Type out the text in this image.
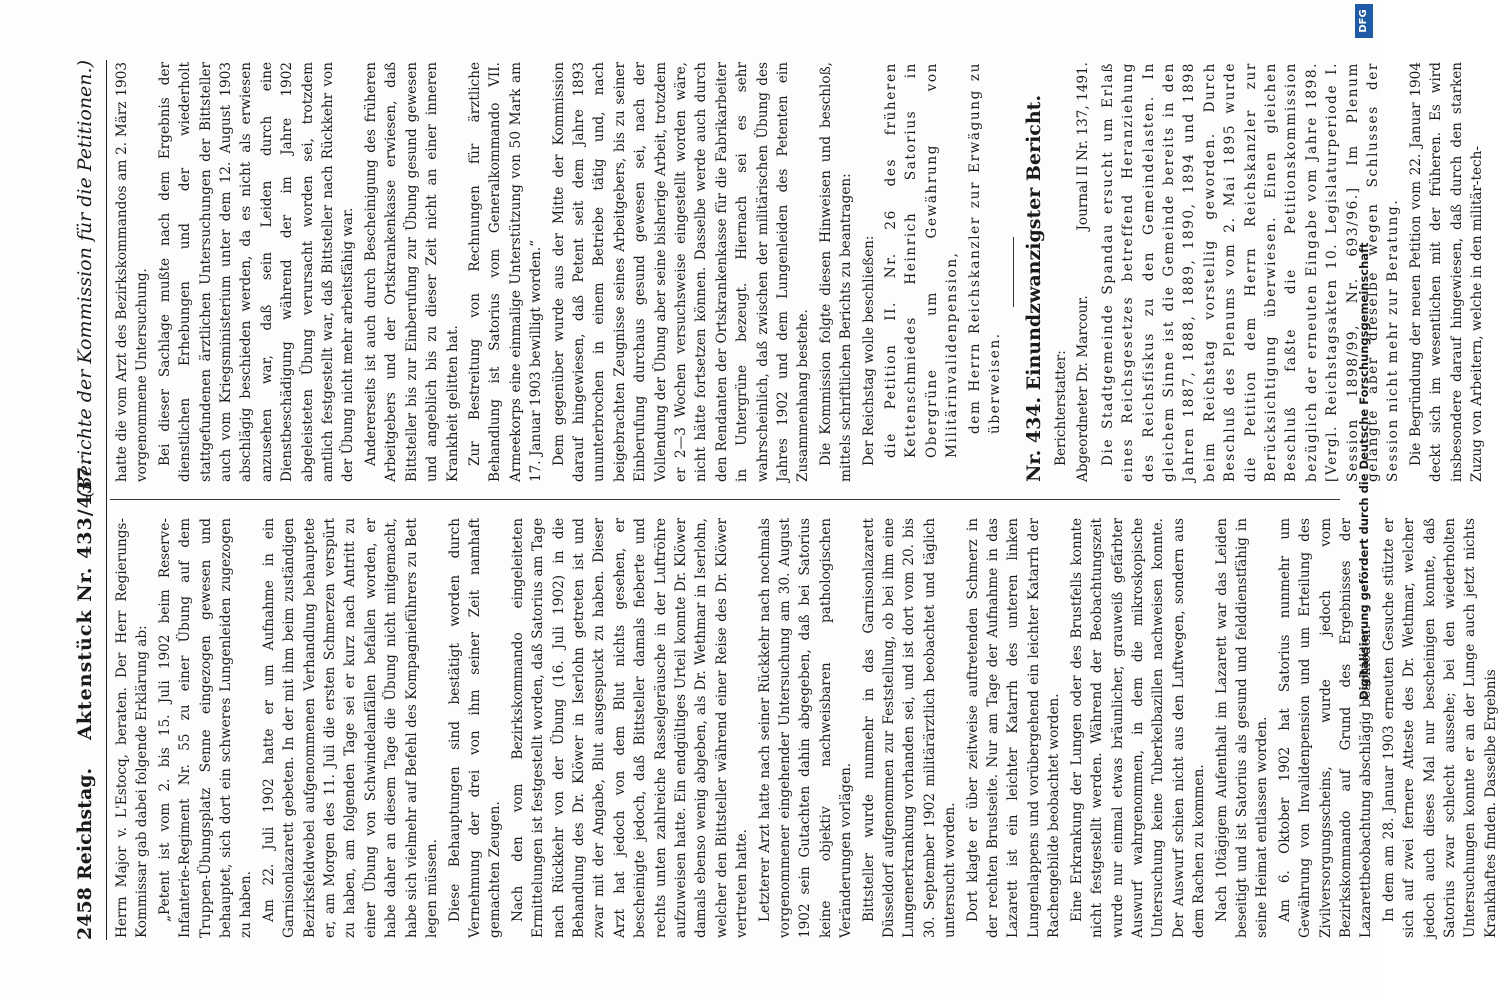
2458
Reichstag.
Aktenstück Nr. 433/437.
(Berichte der Kommission für die Petitionen.)

Herrn Major v. L'Estocq, beraten. Der Herr Regierungs-Kommissar gab dabei folgende Erklärung ab: „Petent ist vom 2. bis 15. Juli 1902 beim Reserve-Infanterie-Regiment Nr. 55 zu einer Übung auf dem Truppen-Übungsplatz Senne eingezogen gewesen und behauptet, sich dort ein schweres Lungenleiden zugezogen zu haben. Am 22. Juli 1902 hatte er um Aufnahme in ein Garnisonlazarett gebeten. In der mit ihm beim zuständigen Bezirksfeldwebel aufgenommenen Verhandlung behauptete er, am Morgen des 11. Juli die ersten Schmerzen verspürt zu haben, am folgenden Tage sei er kurz nach Antritt zu einer Übung von Schwindelanfällen befallen worden, er habe daher an diesem Tage die Übung nicht mitgemacht, habe sich vielmehr auf Befehl des Kompagnieführers zu Bett legen müssen. Diese Behauptungen sind bestätigt worden durch Vernehmung der drei von ihm seiner Zeit namhaft gemachten Zeugen. Nach den vom Bezirkskommando eingeleiteten Ermittelungen ist festgestellt worden, daß Satorius am Tage nach Rückkehr von der Übung (16. Juli 1902) in die Behandlung des Dr. Klöwer in Iserlohn getreten ist und zwar mit der Angabe, Blut ausgespuckt zu haben. Dieser Arzt hat jedoch von dem Blut nichts gesehen, er bescheinigte jedoch, daß Bittsteller damals fieberte und rechts unten zahlreiche Rasselgeräusche in der Luftröhre aufzuweisen hatte. Ein endgültiges Urteil konnte Dr. Klöwer damals ebenso wenig abgeben, als Dr. Wethmar in Iserlohn, welcher den Bittsteller während einer Reise des Dr. Klöwer vertreten hatte. Letzterer Arzt hatte nach seiner Rückkehr nach nochmals vorgenommener eingehender Untersuchung am 30. August 1902 sein Gutachten dahin abgegeben, daß bei Satorius keine objektiv nachweisbaren pathologischen Veränderungen vorlägen. Bittsteller wurde nunmehr in das Garnisonlazarett Düsseldorf aufgenommen zur Feststellung, ob bei ihm eine Lungenerkrankung vorhanden sei, und ist dort vom 20. bis 30. September 1902 militärärztlich beobachtet und täglich untersucht worden. Dort klagte er über zeitweise auftretenden Schmerz in der rechten Brustseite. Nur am Tage der Aufnahme in das Lazarett ist ein leichter Katarrh des unteren linken Lungenlappens und vorübergehend ein leichter Katarrh der Rachengebilde beobachtet worden. Eine Erkrankung der Lungen oder des Brustfells konnte nicht festgestellt werden. Während der Beobachtungszeit wurde nur einmal etwas bräunlicher, grauweiß gefärbter Auswurf wahrgenommen, in dem die mikroskopische Untersuchung keine Tuberkelbazillen nachweisen konnte. Der Auswurf schien nicht aus den Luftwegen, sondern aus dem Rachen zu kommen. Nach 10tägigem Aufenthalt im Lazarett war das Leiden beseitigt und ist Satorius als gesund und felddienstfähig in seine Heimat entlassen worden. Am 6. Oktober 1902 hat Satorius nunmehr um Gewährung von Invalidenpension und um Erteilung des Zivilversorgungsscheins, wurde jedoch vom Bezirkskommando auf Grund des Ergebnisses der Lazarettbeobachtung abschlägig beschieden. In dem am 28. Januar 1903 erneuten Gesuche stützte er sich auf zwei fernere Atteste des Dr. Wethmar, welcher jedoch auch dieses Mal nur bescheinigen konnte, daß Satorius zwar schlecht aussehe; bei den wiederholten Untersuchungen konnte er an der Lunge auch jetzt nichts Krankhaftes finden. Dasselbe Ergebnis

hatte die vom Arzt des Bezirkskommandos am 2. März 1903 vorgenommene Untersuchung. Bei dieser Sachlage mußte nach dem Ergebnis der dienstlichen Erhebungen und der wiederholt stattgefundenen ärztlichen Untersuchungen der Bittsteller auch vom Kriegsministerium unter dem 12. August 1903 abschlägig beschieden werden, da es nicht als erwiesen anzusehen war, daß sein Leiden durch eine Dienstbeschädigung während der im Jahre 1902 abgeleisteten Übung verursacht worden sei, trotzdem amtlich festgestellt war, daß Bittsteller nach Rückkehr von der Übung nicht mehr arbeitsfähig war. Andererseits ist auch durch Bescheinigung des früheren Arbeitgebers und der Ortskrankenkasse erwiesen, daß Bittsteller bis zur Einberufung zur Übung gesund gewesen und angeblich bis zu dieser Zeit nicht an einer inneren Krankheit gelitten hat. Zur Bestreitung von Rechnungen für ärztliche Behandlung ist Satorius vom Generalkommando VII. Armeekorps eine einmalige Unterstützung von 50 Mark am 17. Januar 1903 bewilligt worden.“ Dem gegenüber wurde aus der Mitte der Kommission darauf hingewiesen, daß Petent seit dem Jahre 1893 ununterbrochen in einem Betriebe tätig und, nach beigebrachten Zeugnisse seines Arbeitgebers, bis zu seiner Einberufung durchaus gesund gewesen sei, nach der Vollendung der Übung aber seine bisherige Arbeit, trotzdem er 2—3 Wochen versuchsweise eingestellt worden wäre, nicht hätte fortsetzen können. Dasselbe werde auch durch den Rendanten der Ortskrankenkasse für die Fabrikarbeiter in Untergrüne bezeugt. Hiernach sei es sehr wahrscheinlich, daß zwischen der militärischen Übung des Jahres 1902 und dem Lungenleiden des Petenten ein Zusammenhang bestehe. Die Kommission folgte diesen Hinweisen und beschloß, mittels schriftlichen Berichts zu beantragen: Der Reichstag wolle beschließen: die Petition II. Nr. 26 des früheren Kettenschmiedes Heinrich Satorius in Obergrüne um Gewährung von Militärinvalidenpension, dem Herrn Reichskanzler zur Erwägung zu überweisen. Nr. 434. Einundzwanzigster Bericht. Berichterstatter: Abgeordneter Dr. Marcour.
Journal II Nr. 137, 1491. Die Stadtgemeinde Spandau ersucht um Erlaß eines Reichsgesetzes betreffend Heranziehung des Reichsfiskus zu den Gemeindelasten. In gleichem Sinne ist die Gemeinde bereits in den Jahren 1887, 1888, 1889, 1890, 1894 und 1898 beim Reichstag vorstellig geworden. Durch Beschluß des Plenums vom 2. Mai 1895 wurde die Petition dem Herrn Reichskanzler zur Berücksichtigung überwiesen. Einen gleichen Beschluß faßte die Petitionskommission bezüglich der erneuten Eingabe vom Jahre 1898. [Vergl. Reichstagsakten 10. Legislaturperiode I. Session 1898/99, Nr. 693/96.] Im Plenum gelangte aber dieselbe wegen Schlusses der Session nicht mehr zur Beratung. Die Begründung der neuen Petition vom 22. Januar 1904 deckt sich im wesentlichen mit der früheren. Es wird insbesondere darauf hingewiesen, daß durch den starken Zuzug von Arbeitern, welche in den militär-tech-

Digitalisierung gefördert durch die Deutsche Forschungsgemeinschaft
DFG
